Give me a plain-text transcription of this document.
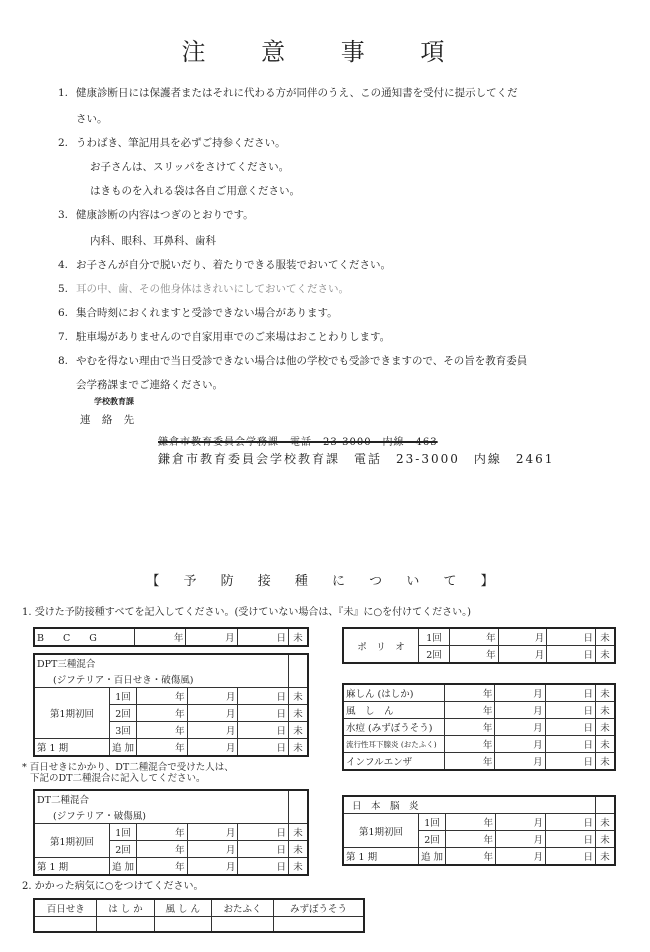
注 意 事 項
1. 健康診断日には保護者またはそれに代わる方が同伴のうえ、この通知書を受付に提示してくだ
さい。
2. うわばき、筆記用具を必ずご持参ください。
お子さんは、スリッパをさけてください。
はきものを入れる袋は各自ご用意ください。
3. 健康診断の内容はつぎのとおりです。
内科、眼科、耳鼻科、歯科
4. お子さんが自分で脱いだり、着たりできる服装でおいてください。
5. 耳の中、歯、その他身体はきれいにしておいてください。
6. 集合時刻におくれますと受診できない場合があります。
7. 駐車場がありませんので自家用車でのご来場はおことわりします。
8. やむを得ない理由で当日受診できない場合は他の学校でも受診できますので、その旨を教育委員
会学務課までご連絡ください。
学校教育課
連 絡 先
鎌倉市教育委員会学務課　電話　23-3000　内線　463
鎌倉市教育委員会学校教育課　電話　23-3000　内線　2461
【 予 防 接 種 に つ い て 】
1. 受けた予防接種すべてを記入してください。(受けていない場合は、『未』に○を付けてください。)
B　　C　　G	年	月	日	未
ポ　リ　オ	1回	年	月	日	未
	2回	年	月	日	未
DPT三種混合					
(ジフテリア・百日せき・破傷風)					
第1期初回	1回	年	月	日	未
	2回	年	月	日	未
	3回	年	月	日	未
第 1 期	追 加	年	月	日	未
麻しん (はしか)	年	月	日	未
風　し　ん	年	月	日	未
水痘 (みずぼうそう)	年	月	日	未
流行性耳下腺炎 (おたふく)	年	月	日	未
インフルエンザ	年	月	日	未
* 百日せきにかかり、DT二種混合で受けた人は、
下記のDT二種混合に記入してください。
DT二種混合					
(ジフテリア・破傷風)					
第1期初回	1回	年	月	日	未
	2回	年	月	日	未
第 1 期	追 加	年	月	日	未
日　本　脳　炎					
第1期初回	1回	年	月	日	未
	2回	年	月	日	未
第 1 期	追 加	年	月	日	未
2. かかった病気に○をつけてください。
百日せき	は し か	風 し ん	おたふく	みずぼうそう
